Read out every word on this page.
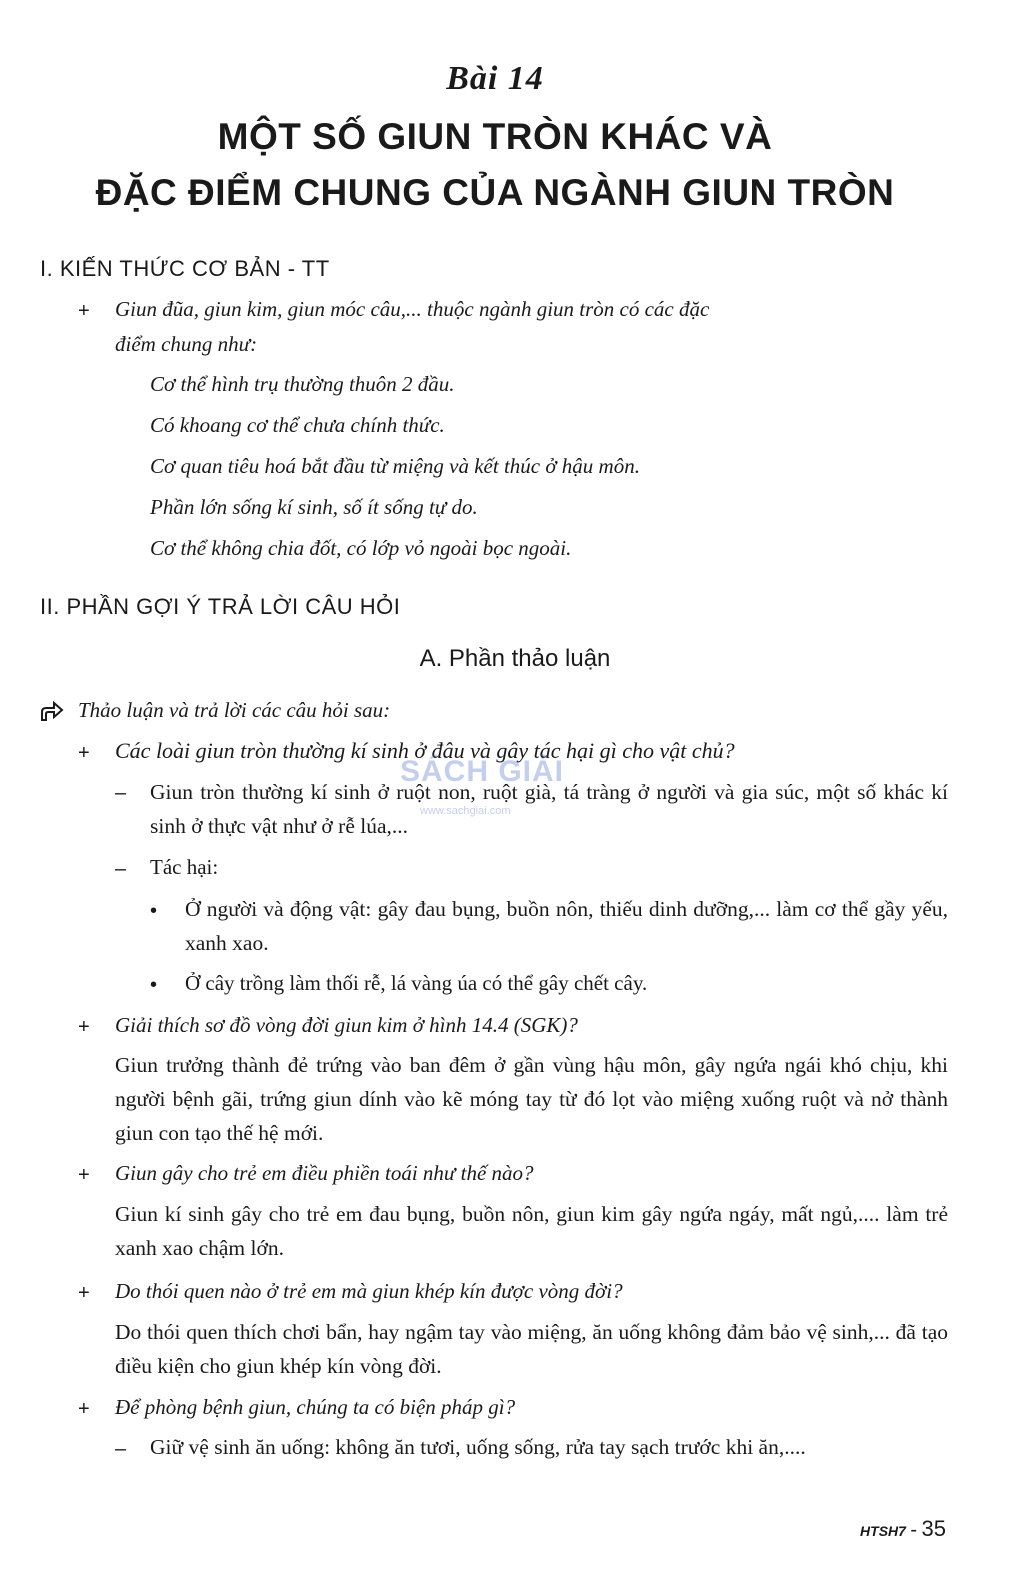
Bài 14
MỘT SỐ GIUN TRÒN KHÁC VÀ
ĐẶC ĐIỂM CHUNG CỦA NGÀNH GIUN TRÒN
I. KIẾN THỨC CƠ BẢN - TT
+ Giun đũa, giun kim, giun móc câu,... thuộc ngành giun tròn có các đặc
điểm chung như:
Cơ thể hình trụ thường thuôn 2 đầu.
Có khoang cơ thể chưa chính thức.
Cơ quan tiêu hoá bắt đầu từ miệng và kết thúc ở hậu môn.
Phần lớn sống kí sinh, số ít sống tự do.
Cơ thể không chia đốt, có lớp vỏ ngoài bọc ngoài.
II. PHẦN GỢI Ý TRẢ LỜI CÂU HỎI
A. Phần thảo luận
Thảo luận và trả lời các câu hỏi sau:
+ Các loài giun tròn thường kí sinh ở đâu và gây tác hại gì cho vật chủ?
– Giun tròn thường kí sinh ở ruột non, ruột già, tá tràng ở người và gia súc, một số khác kí sinh ở thực vật như ở rễ lúa,...
– Tác hại:
• Ở người và động vật: gây đau bụng, buồn nôn, thiếu dinh dưỡng,... làm cơ thể gầy yếu, xanh xao.
• Ở cây trồng làm thối rễ, lá vàng úa có thể gây chết cây.
+ Giải thích sơ đồ vòng đời giun kim ở hình 14.4 (SGK)?
Giun trưởng thành đẻ trứng vào ban đêm ở gần vùng hậu môn, gây ngứa ngái khó chịu, khi người bệnh gãi, trứng giun dính vào kẽ móng tay từ đó lọt vào miệng xuống ruột và nở thành giun con tạo thế hệ mới.
+ Giun gây cho trẻ em điều phiền toái như thế nào?
Giun kí sinh gây cho trẻ em đau bụng, buồn nôn, giun kim gây ngứa ngáy, mất ngủ,.... làm trẻ xanh xao chậm lớn.
+ Do thói quen nào ở trẻ em mà giun khép kín được vòng đời?
Do thói quen thích chơi bẩn, hay ngậm tay vào miệng, ăn uống không đảm bảo vệ sinh,... đã tạo điều kiện cho giun khép kín vòng đời.
+ Để phòng bệnh giun, chúng ta có biện pháp gì?
– Giữ vệ sinh ăn uống: không ăn tươi, uống sống, rửa tay sạch trước khi ăn,....
SÁCH GIẢI
www.sachgiai.com
HTSH7 - 35
